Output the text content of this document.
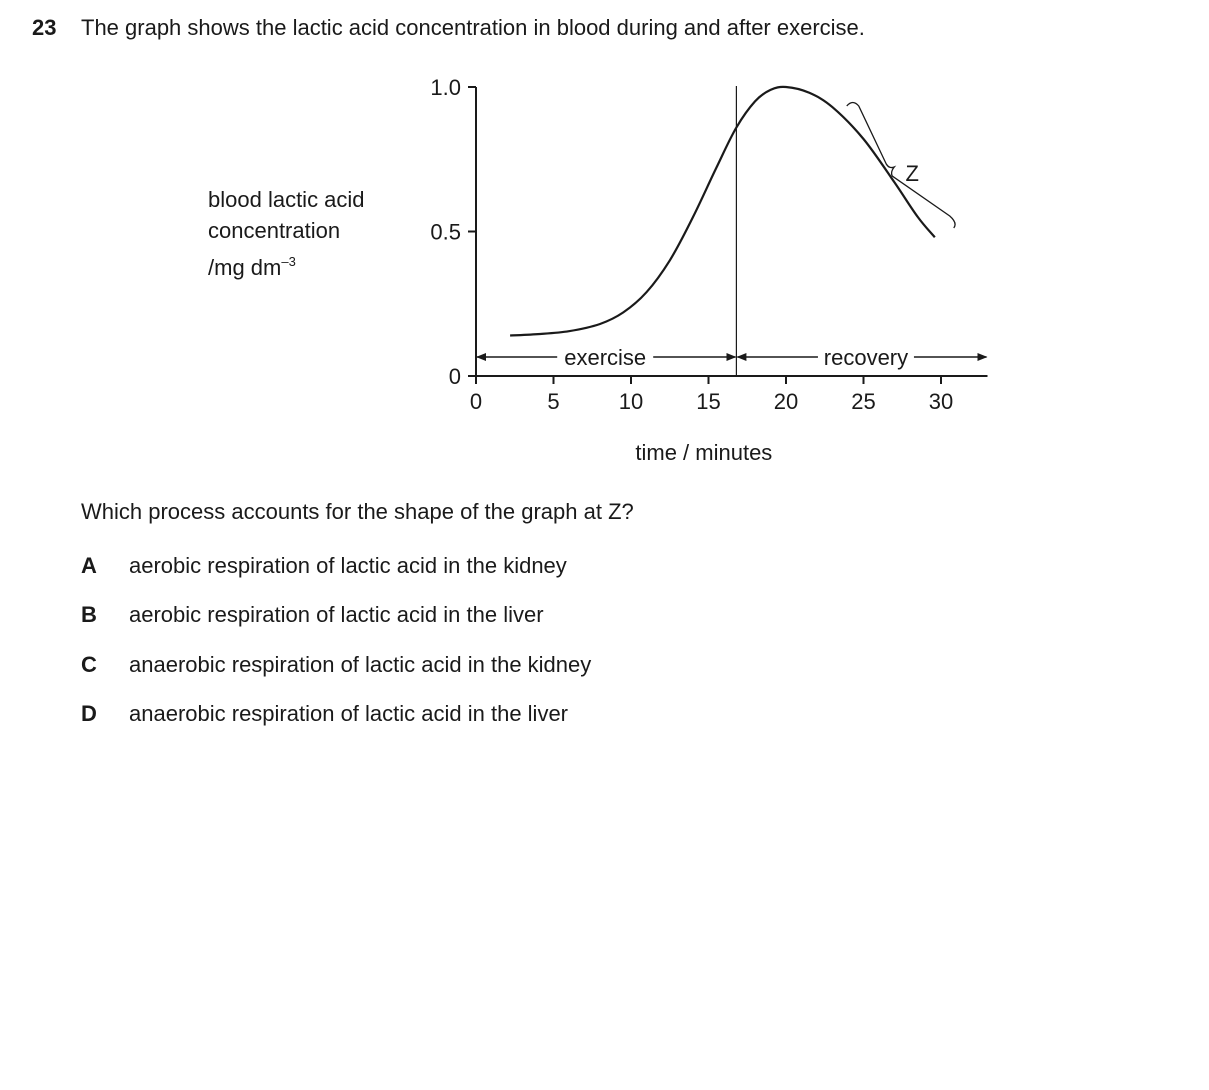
23 The graph shows the lactic acid concentration in blood during and after exercise.
blood lactic acid
concentration
/mg $dm^{-3}$
0
0.5
1.0
0	5	10 15 20 25 30
time / minutes
exercise	recovery
Z
Which process accounts for the shape of the graph at Z?
A aerobic respiration of lactic acid in the kidney
B aerobic respiration of lactic acid in the liver
C anaerobic respiration of lactic acid in the kidney
D anaerobic respiration of lactic acid in the liver
